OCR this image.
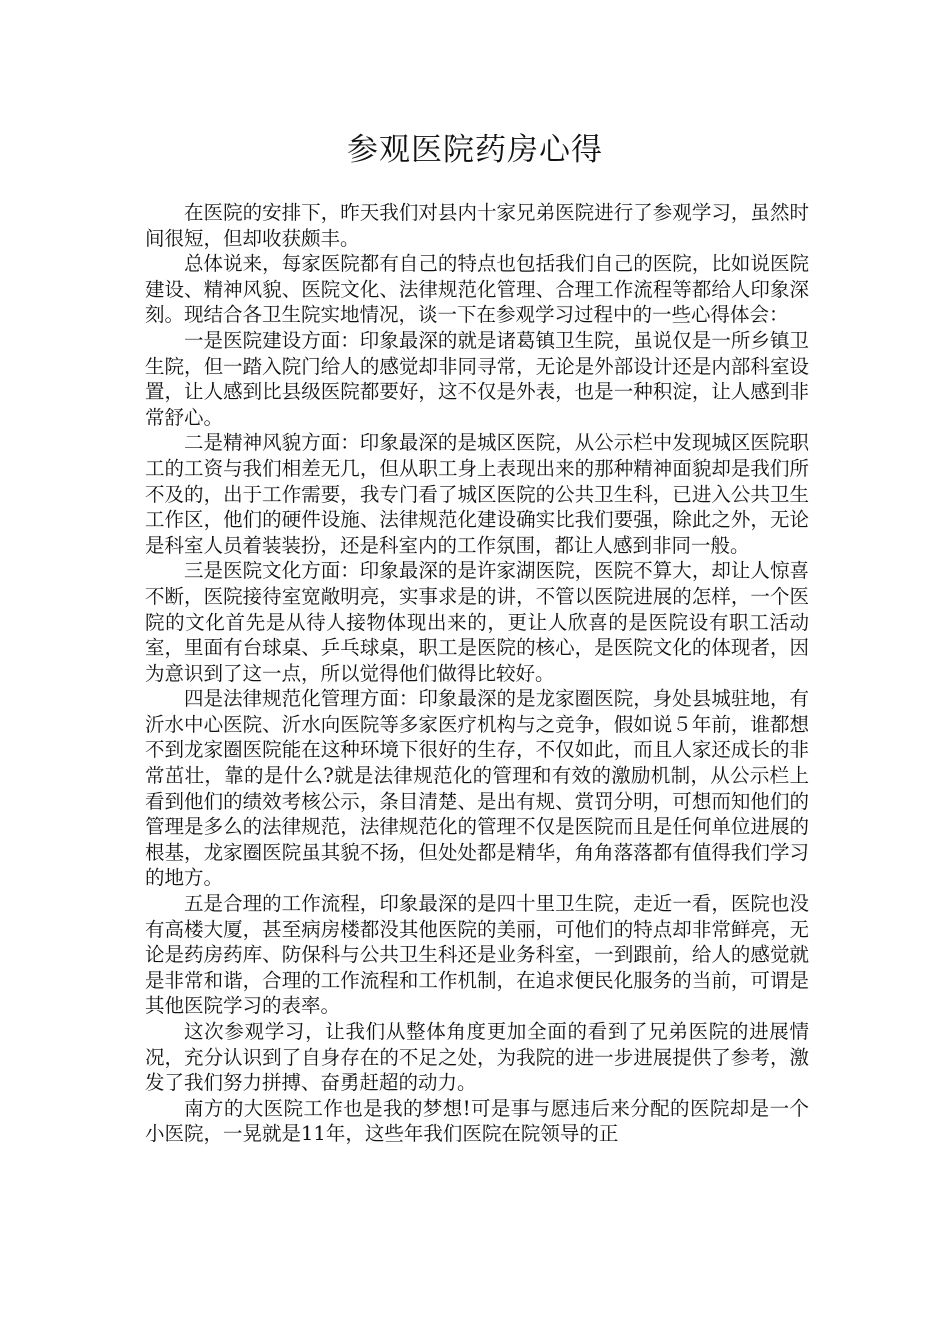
参观医院药房心得

在医院的安排下，昨天我们对县内十家兄弟医院进行了参观学习，虽然时间很短，但却收获颇丰。

总体说来，每家医院都有自己的特点也包括我们自己的医院，比如说医院建设、精神风貌、医院文化、法律规范化管理、合理工作流程等都给人印象深刻。现结合各卫生院实地情况，谈一下在参观学习过程中的一些心得体会：

一是医院建设方面：印象最深的就是诸葛镇卫生院，虽说仅是一所乡镇卫生院，但一踏入院门给人的感觉却非同寻常，无论是外部设计还是内部科室设置，让人感到比县级医院都要好，这不仅是外表，也是一种积淀，让人感到非常舒心。

二是精神风貌方面：印象最深的是城区医院，从公示栏中发现城区医院职工的工资与我们相差无几，但从职工身上表现出来的那种精神面貌却是我们所不及的，出于工作需要，我专门看了城区医院的公共卫生科，已进入公共卫生工作区，他们的硬件设施、法律规范化建设确实比我们要强，除此之外，无论是科室人员着装装扮，还是科室内的工作氛围，都让人感到非同一般。

三是医院文化方面：印象最深的是许家湖医院，医院不算大，却让人惊喜不断，医院接待室宽敞明亮，实事求是的讲，不管以医院进展的怎样，一个医院的文化首先是从待人接物体现出来的，更让人欣喜的是医院设有职工活动室，里面有台球桌、乒乓球桌，职工是医院的核心，是医院文化的体现者，因为意识到了这一点，所以觉得他们做得比较好。

四是法律规范化管理方面：印象最深的是龙家圈医院，身处县城驻地，有沂水中心医院、沂水向医院等多家医疗机构与之竞争，假如说５年前，谁都想不到龙家圈医院能在这种环境下很好的生存，不仅如此，而且人家还成长的非常茁壮，靠的是什么?就是法律规范化的管理和有效的激励机制，从公示栏上看到他们的绩效考核公示，条目清楚、是出有规、赏罚分明，可想而知他们的管理是多么的法律规范，法律规范化的管理不仅是医院而且是任何单位进展的根基，龙家圈医院虽其貌不扬，但处处都是精华，角角落落都有值得我们学习的地方。

五是合理的工作流程，印象最深的是四十里卫生院，走近一看，医院也没有高楼大厦，甚至病房楼都没其他医院的美丽，可他们的特点却非常鲜亮，无论是药房药库、防保科与公共卫生科还是业务科室，一到跟前，给人的感觉就是非常和谐，合理的工作流程和工作机制，在追求便民化服务的当前，可谓是其他医院学习的表率。

这次参观学习，让我们从整体角度更加全面的看到了兄弟医院的进展情况，充分认识到了自身存在的不足之处，为我院的进一步进展提供了参考，激发了我们努力拼搏、奋勇赶超的动力。

南方的大医院工作也是我的梦想!可是事与愿违后来分配的医院却是一个小医院，一晃就是11年，这些年我们医院在院领导的正
